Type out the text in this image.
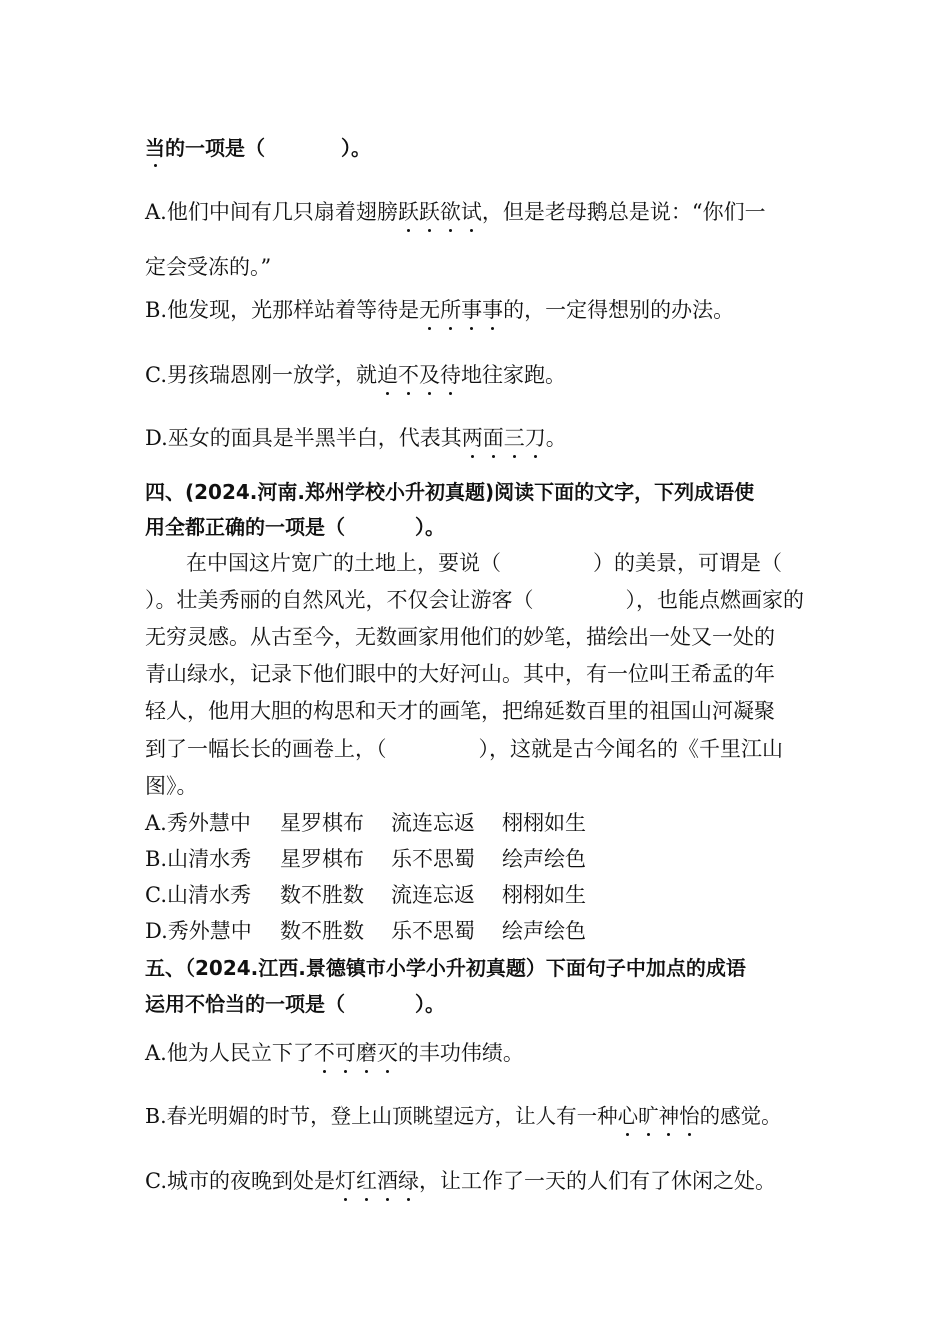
当的一项是（	）。
A.他们中间有几只扇着翅膀跃跃欲试，但是老母鹅总是说：“你们一
定会受冻的。”
B.他发现，光那样站着等待是无所事事的，一定得想别的办法。
C.男孩瑞恩刚一放学，就迫不及待地往家跑。
D.巫女的面具是半黑半白，代表其两面三刀。
四、(2024.河南.郑州学校小升初真题)阅读下面的文字，下列成语使
用全都正确的一项是（	）。
在中国这片宽广的土地上，要说（	）的美景，可谓是（
）。壮美秀丽的自然风光，不仅会让游客（	），也能点燃画家的
无穷灵感。从古至今，无数画家用他们的妙笔，描绘出一处又一处的
青山绿水，记录下他们眼中的大好河山。其中，有一位叫王希孟的年
轻人，他用大胆的构思和天才的画笔，把绵延数百里的祖国山河凝聚
到了一幅长长的画卷上，（	），这就是古今闻名的《千里江山
图》。
A.秀外慧中 星罗棋布 流连忘返 栩栩如生
B.山清水秀 星罗棋布 乐不思蜀 绘声绘色
C.山清水秀 数不胜数 流连忘返 栩栩如生
D.秀外慧中 数不胜数 乐不思蜀 绘声绘色
五、（2024.江西.景德镇市小学小升初真题）下面句子中加点的成语
运用不恰当的一项是（	）。
A.他为人民立下了不可磨灭的丰功伟绩。
B.春光明媚的时节，登上山顶眺望远方，让人有一种心旷神怡的感觉。
C.城市的夜晚到处是灯红酒绿，让工作了一天的人们有了休闲之处。
